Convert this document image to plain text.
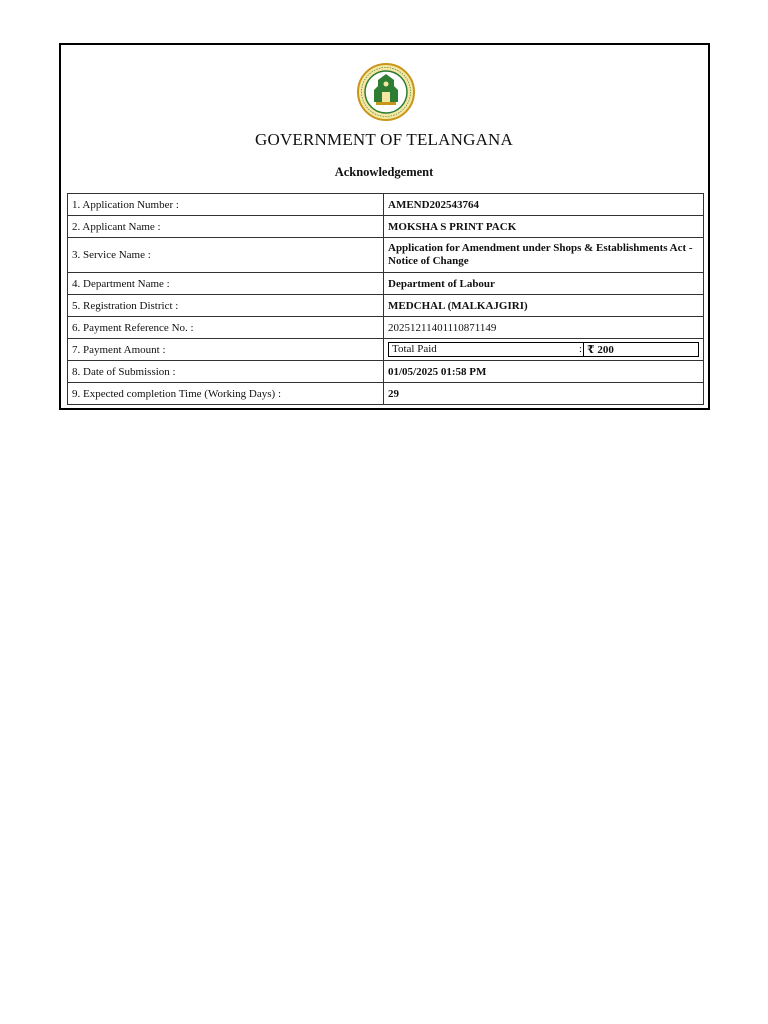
GOVERNMENT OF TELANGANA
Acknowledgement
1. Application Number :	AMEND202543764
2. Applicant Name :	MOKSHA S PRINT PACK
3. Service Name :	Application for Amendment under Shops & Establishments Act - Notice of Change
4. Department Name :	Department of Labour
5. Registration District :	MEDCHAL (MALKAJGIRI)
6. Payment Reference No. :	20251211401110871149
7. Payment Amount :	Total Paid : ₹ 200

8. Date of Submission :	01/05/2025 01:58 PM
9. Expected completion Time (Working Days) :	29
